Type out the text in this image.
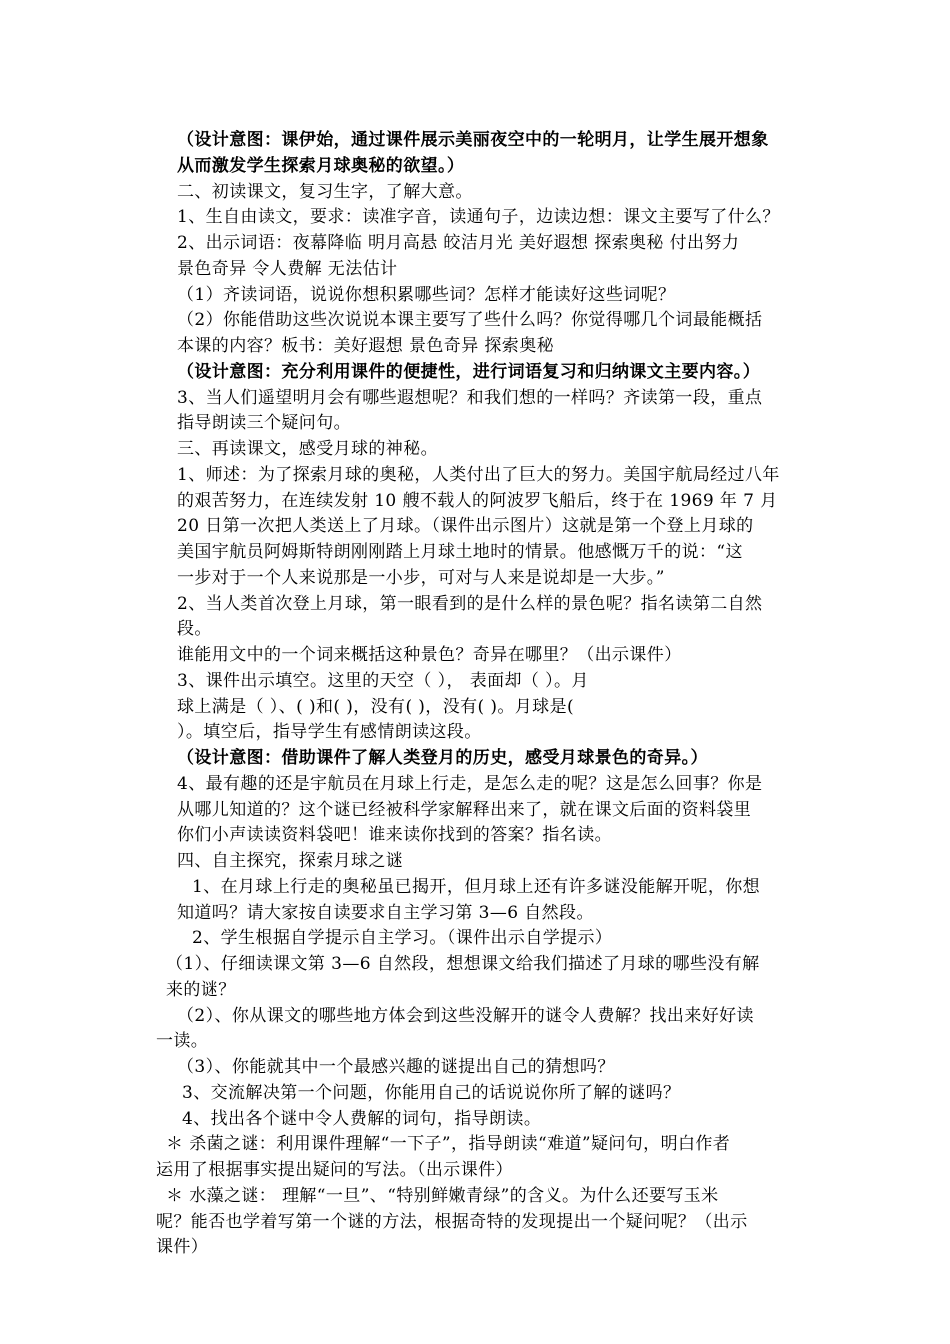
（设计意图：课伊始，通过课件展示美丽夜空中的一轮明月，让学生展开想象
从而激发学生探索月球奥秘的欲望。）
二、初读课文，复习生字，了解大意。
1、生自由读文，要求：读准字音，读通句子，边读边想：课文主要写了什么？
2、出示词语：夜幕降临 明月高悬 皎洁月光 美好遐想 探索奥秘 付出努力
景色奇异 令人费解 无法估计
（1）齐读词语，说说你想积累哪些词？怎样才能读好这些词呢？
（2）你能借助这些次说说本课主要写了些什么吗？你觉得哪几个词最能概括
本课的内容？板书：美好遐想 景色奇异 探索奥秘
（设计意图：充分利用课件的便捷性，进行词语复习和归纳课文主要内容。）
3、当人们遥望明月会有哪些遐想呢？和我们想的一样吗？齐读第一段，重点
指导朗读三个疑问句。
三、再读课文，感受月球的神秘。
1、师述：为了探索月球的奥秘，人类付出了巨大的努力。美国宇航局经过八年
的艰苦努力，在连续发射 10 艘不载人的阿波罗飞船后，终于在 1969 年 7 月
20 日第一次把人类送上了月球。（课件出示图片）这就是第一个登上月球的
美国宇航员阿姆斯特朗刚刚踏上月球土地时的情景。他感慨万千的说：“这
一步对于一个人来说那是一小步，可对与人来是说却是一大步。”
2、当人类首次登上月球，第一眼看到的是什么样的景色呢？指名读第二自然
段。
谁能用文中的一个词来概括这种景色？奇异在哪里？（出示课件）
3、课件出示填空。这里的天空（ ）， 表面却（ ）。月
球上满是（ ）、( )和( )，没有( )，没有( )。月球是(
）。填空后，指导学生有感情朗读这段。
（设计意图：借助课件了解人类登月的历史，感受月球景色的奇异。）
4、最有趣的还是宇航员在月球上行走，是怎么走的呢？这是怎么回事？你是
从哪儿知道的？这个谜已经被科学家解释出来了，就在课文后面的资料袋里
你们小声读读资料袋吧！谁来读你找到的答案？指名读。
四、自主探究，探索月球之谜
1、在月球上行走的奥秘虽已揭开，但月球上还有许多谜没能解开呢，你想
知道吗？请大家按自读要求自主学习第 3—6 自然段。
2、学生根据自学提示自主学习。（课件出示自学提示）
（1）、仔细读课文第 3—6 自然段，想想课文给我们描述了月球的哪些没有解
来的谜？
（2）、你从课文的哪些地方体会到这些没解开的谜令人费解？找出来好好读
一读。
（3）、你能就其中一个最感兴趣的谜提出自己的猜想吗？
3、交流解决第一个问题，你能用自己的话说说你所了解的谜吗？
4、找出各个谜中令人费解的词句，指导朗读。
＊ 杀菌之谜：利用课件理解“一下子”，指导朗读“难道”疑问句，明白作者
运用了根据事实提出疑问的写法。（出示课件）
＊ 水藻之谜： 理解“一旦”、“特别鲜嫩青绿”的含义。为什么还要写玉米
呢？能否也学着写第一个谜的方法，根据奇特的发现提出一个疑问呢？（出示
课件）
